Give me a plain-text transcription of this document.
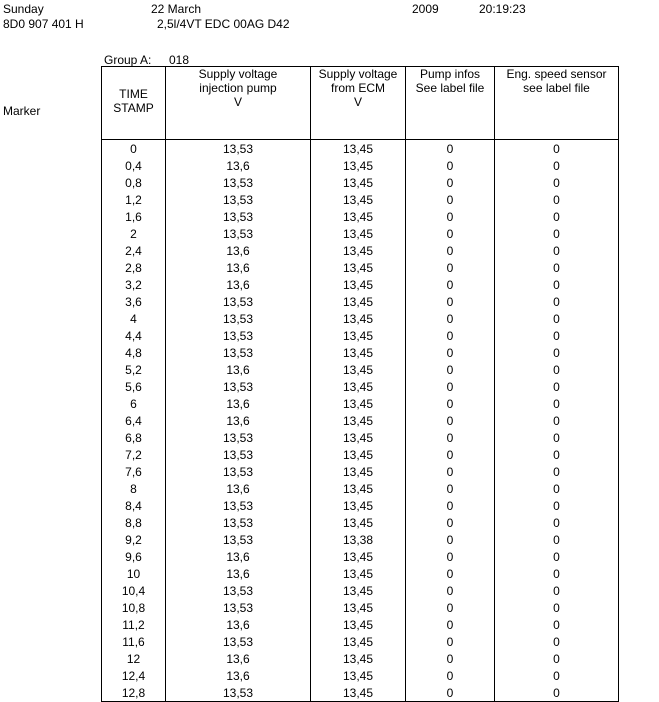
Sunday	22 March	2009	20:19:23
8D0 907 401 H	2,5l/4VT EDC 00AG D42
Group A: 018
Marker
TIME
STAMP	Supply voltage
injection pump
V	Supply voltage
from ECM
V	Pump infos
See label file	Eng. speed sensor
see label file

0	13,53	13,45	0	0
0,4	13,6	13,45	0	0
0,8	13,53	13,45	0	0
1,2	13,53	13,45	0	0
1,6	13,53	13,45	0	0
2	13,53	13,45	0	0
2,4	13,6	13,45	0	0
2,8	13,6	13,45	0	0
3,2	13,6	13,45	0	0
3,6	13,53	13,45	0	0
4	13,53	13,45	0	0
4,4	13,53	13,45	0	0
4,8	13,53	13,45	0	0
5,2	13,6	13,45	0	0
5,6	13,53	13,45	0	0
6	13,6	13,45	0	0
6,4	13,6	13,45	0	0
6,8	13,53	13,45	0	0
7,2	13,53	13,45	0	0
7,6	13,53	13,45	0	0
8	13,6	13,45	0	0
8,4	13,53	13,45	0	0
8,8	13,53	13,45	0	0
9,2	13,53	13,38	0	0
9,6	13,6	13,45	0	0
10	13,6	13,45	0	0
10,4	13,53	13,45	0	0
10,8	13,53	13,45	0	0
11,2	13,6	13,45	0	0
11,6	13,53	13,45	0	0
12	13,6	13,45	0	0
12,4	13,6	13,45	0	0
12,8	13,53	13,45	0	0
